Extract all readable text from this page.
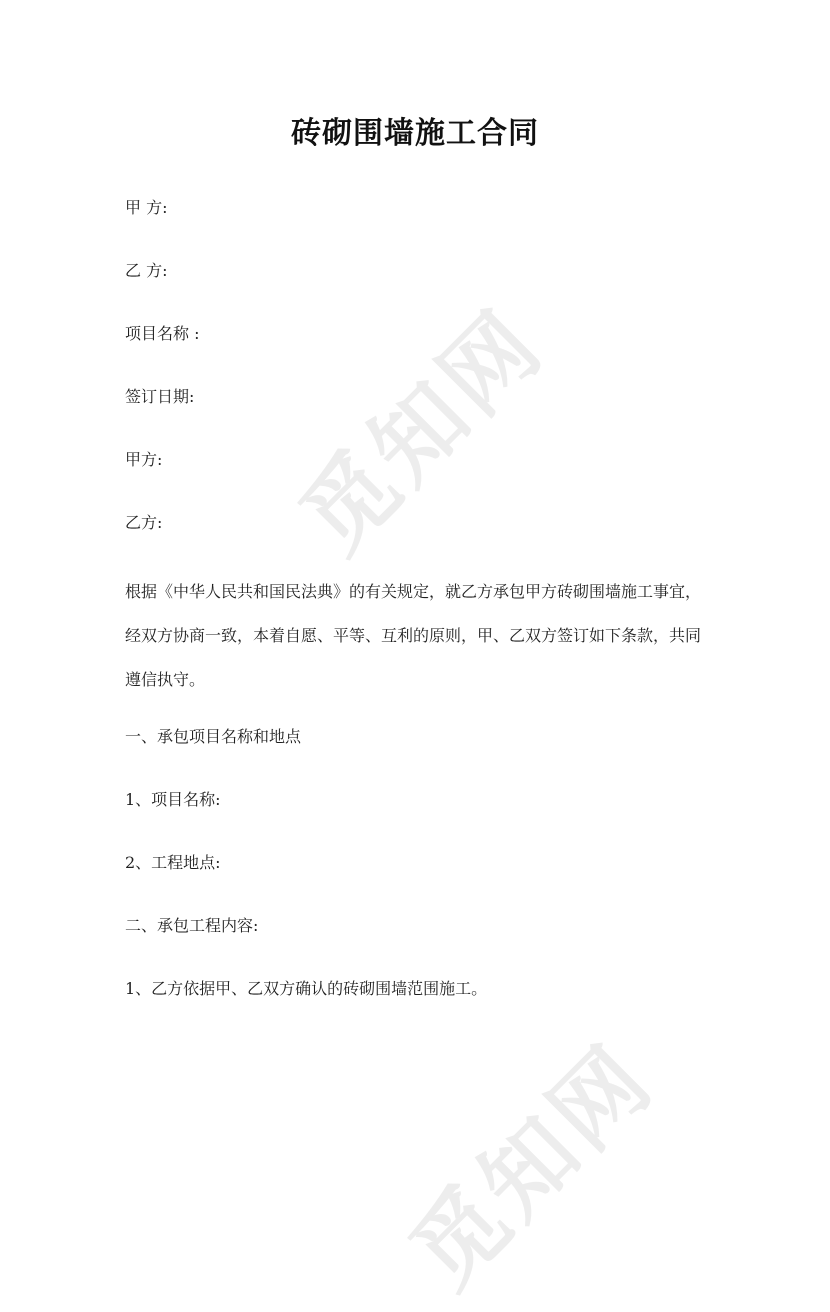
觅知网
觅知网
砖砌围墙施工合同
甲 方:
乙 方:
项目名称 :
签订日期:
甲方:
乙方:
根据《中华人民共和国民法典》的有关规定，就乙方承包甲方砖砌围墙施工事宜，经双方协商一致，本着自愿、平等、互利的原则，甲、乙双方签订如下条款，共同遵信执守。
一、承包项目名称和地点
1、项目名称:
2、工程地点:
二、承包工程内容:
1、乙方依据甲、乙双方确认的砖砌围墙范围施工。
